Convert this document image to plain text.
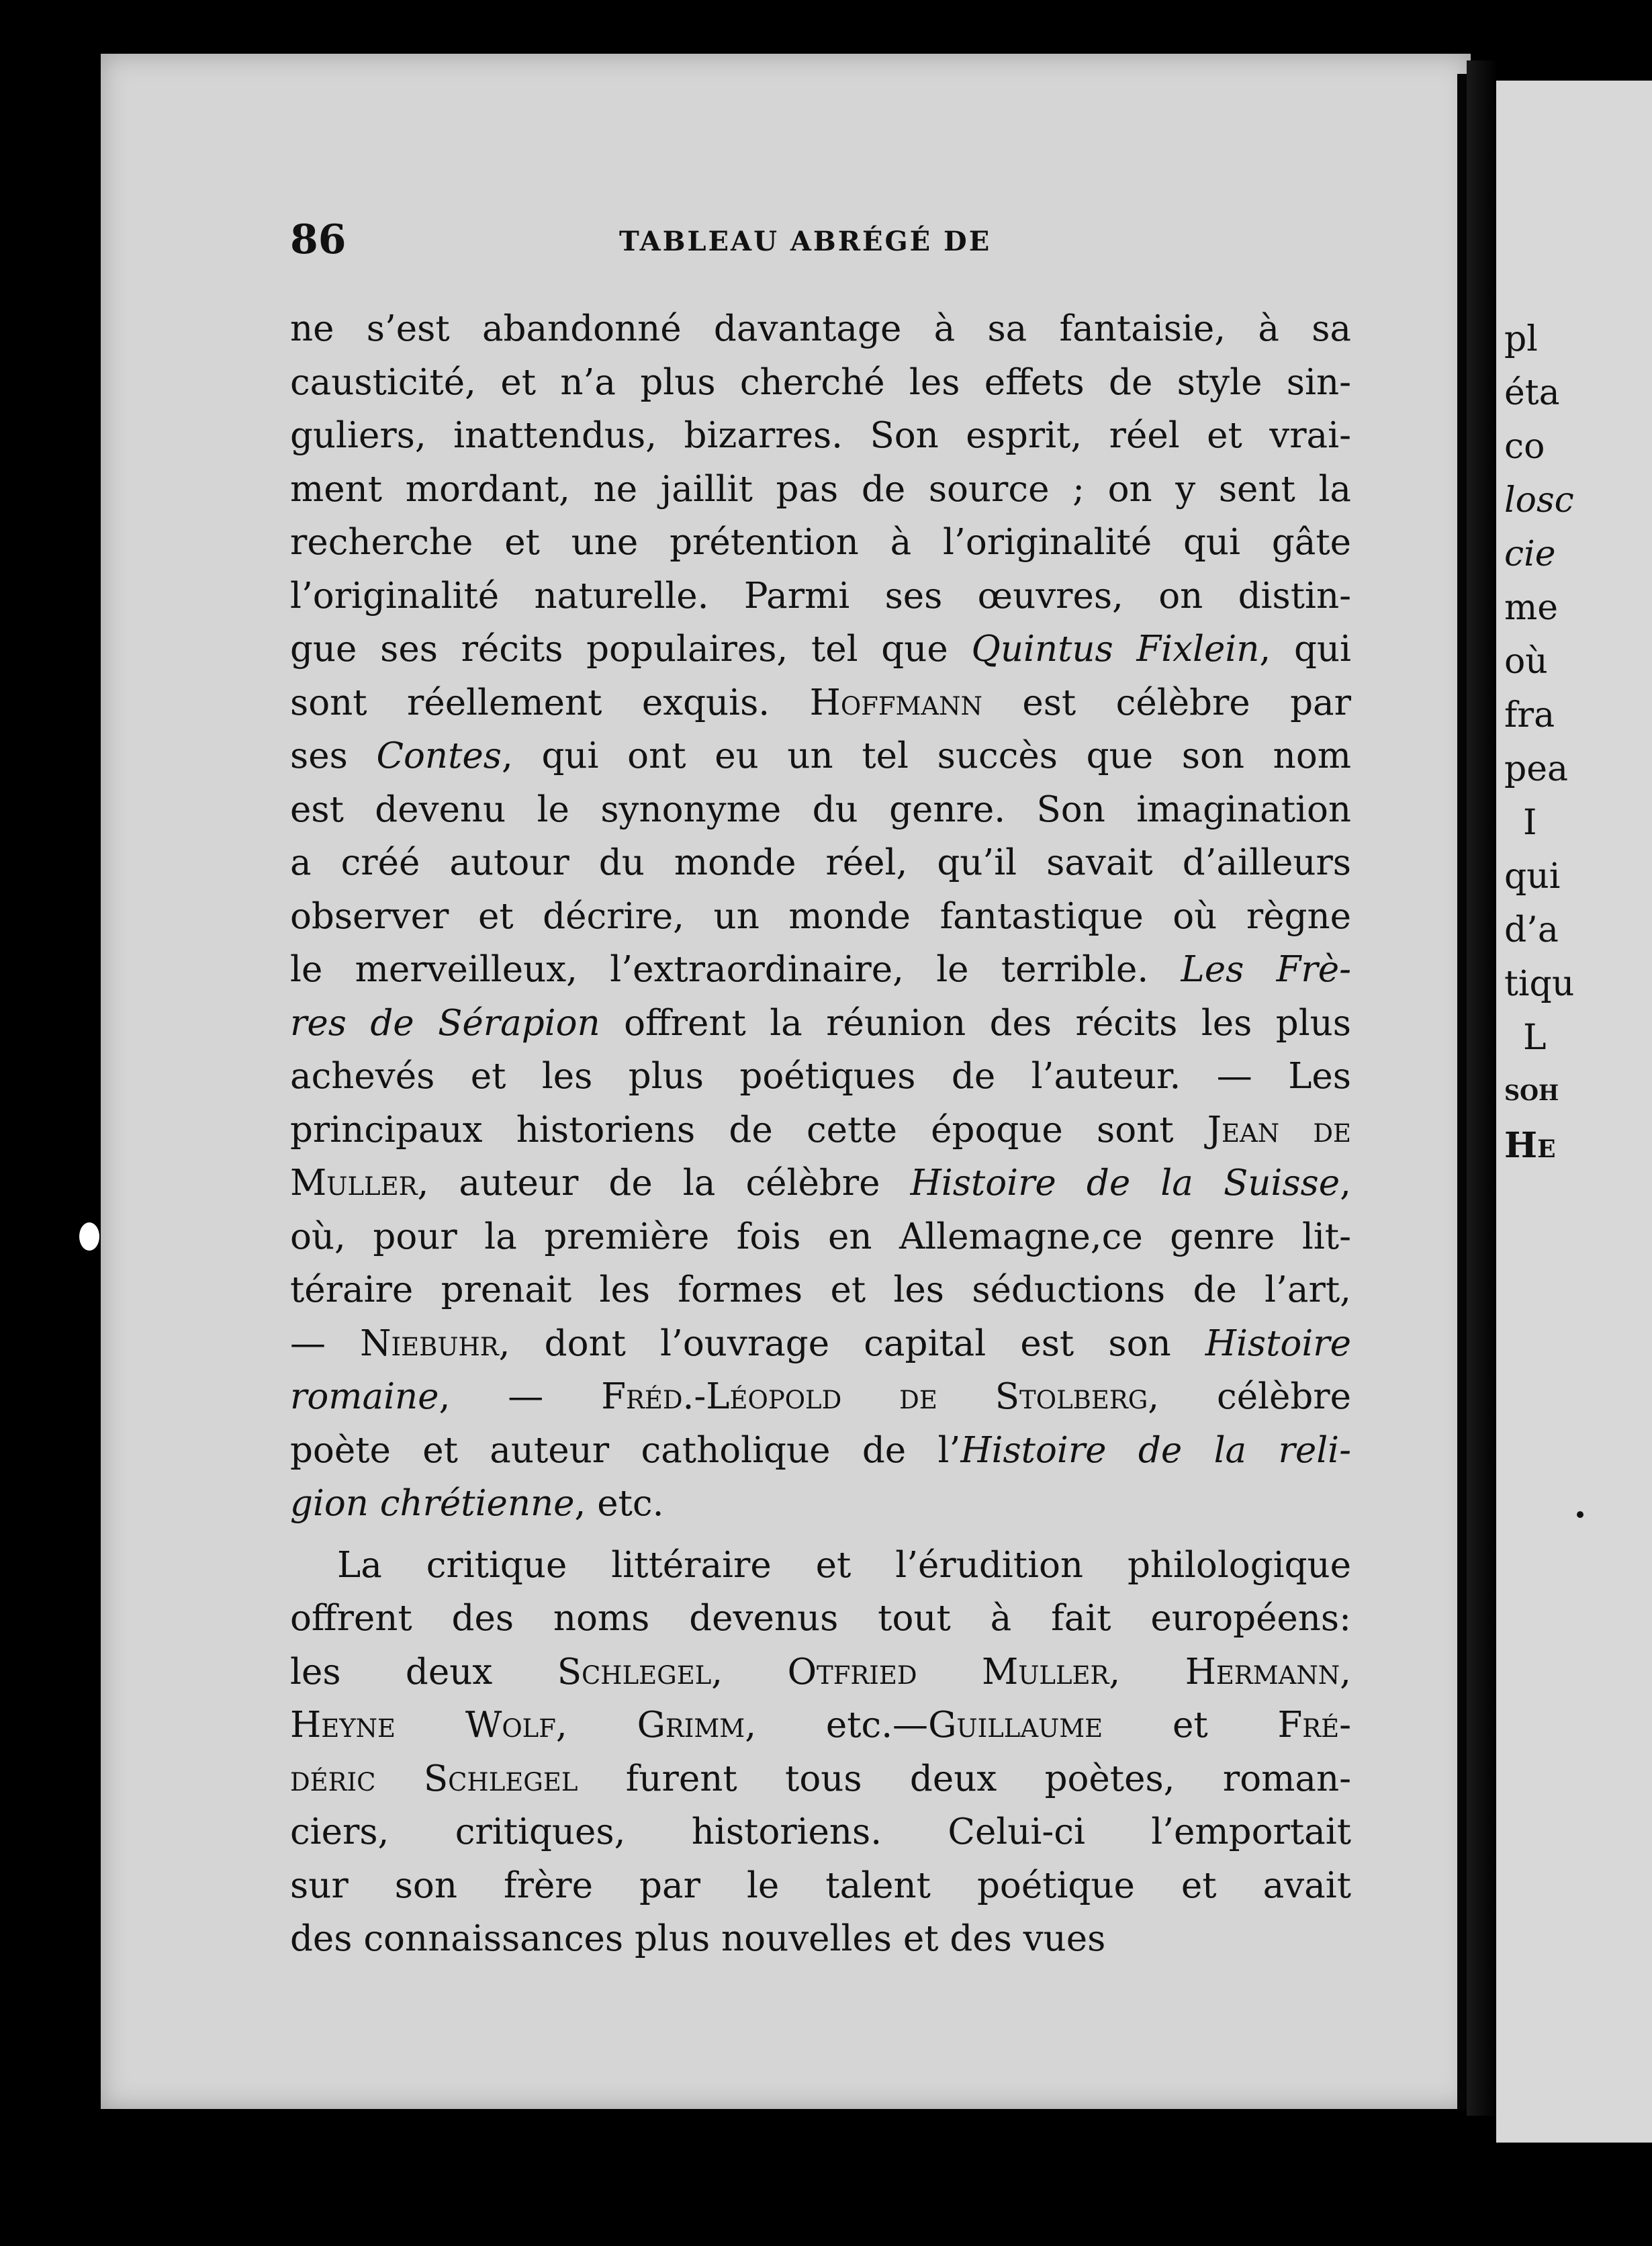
pl
éta
co
losc
cie
me
où
fra
pea
I
qui
d’a
tiqu
L
soh
He
86	TABLEAU ABRÉGÉ DE
ne s’est abandonné davantage à sa fantaisie, à sa
causticité, et n’a plus cherché les effets de style sin-
guliers, inattendus, bizarres. Son esprit, réel et vrai-
ment mordant, ne jaillit pas de source ; on y sent la
recherche et une prétention à l’originalité qui gâte
l’originalité naturelle. Parmi ses œuvres, on distin-
gue ses récits populaires, tel que Quintus Fixlein, qui
sont réellement exquis. Hoffmann est célèbre par
ses Contes, qui ont eu un tel succès que son nom
est devenu le synonyme du genre. Son imagination
a créé autour du monde réel, qu’il savait d’ailleurs
observer et décrire, un monde fantastique où règne
le merveilleux, l’extraordinaire, le terrible. Les Frè-
res de Sérapion offrent la réunion des récits les plus
achevés et les plus poétiques de l’auteur. — Les
principaux historiens de cette époque sont Jean de
Muller, auteur de la célèbre Histoire de la Suisse,
où, pour la première fois en Allemagne,ce genre lit-
téraire prenait les formes et les séductions de l’art,
— Niebuhr, dont l’ouvrage capital est son Histoire
romaine, — Fréd.-Léopold de Stolberg, célèbre
poète et auteur catholique de l’Histoire de la reli-
gion chrétienne, etc.
La critique littéraire et l’érudition philologique
offrent des noms devenus tout à fait européens:
les deux Schlegel, Otfried Muller, Hermann,
Heyne Wolf, Grimm, etc.—Guillaume et Fré-
déric Schlegel furent tous deux poètes, roman-
ciers, critiques, historiens. Celui-ci l’emportait
sur son frère par le talent poétique et avait
des connaissances plus nouvelles et des vues
